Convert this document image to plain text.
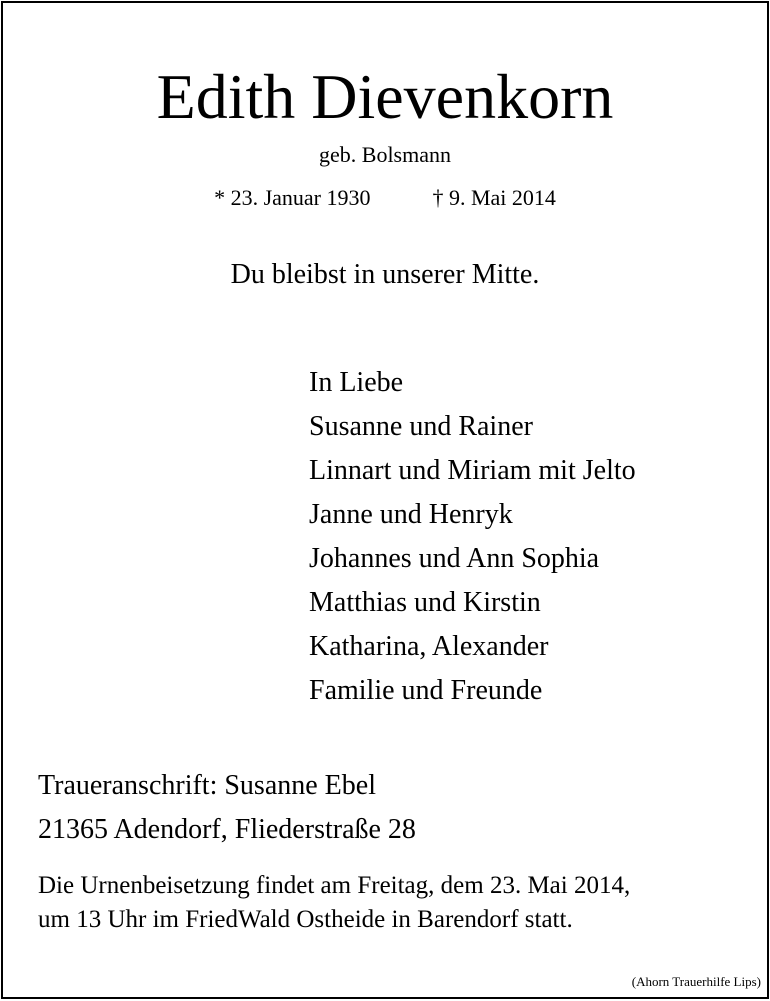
Edith Dievenkorn
geb. Bolsmann
* 23. Januar 1930	† 9. Mai 2014
Du bleibst in unserer Mitte.
In Liebe
Susanne und Rainer
Linnart und Miriam mit Jelto
Janne und Henryk
Johannes und Ann Sophia
Matthias und Kirstin
Katharina, Alexander
Familie und Freunde
Traueranschrift: Susanne Ebel
21365 Adendorf, Fliederstraße 28
Die Urnenbeisetzung findet am Freitag, dem 23. Mai 2014,
um 13 Uhr im FriedWald Ostheide in Barendorf statt.
(Ahorn Trauerhilfe Lips)
